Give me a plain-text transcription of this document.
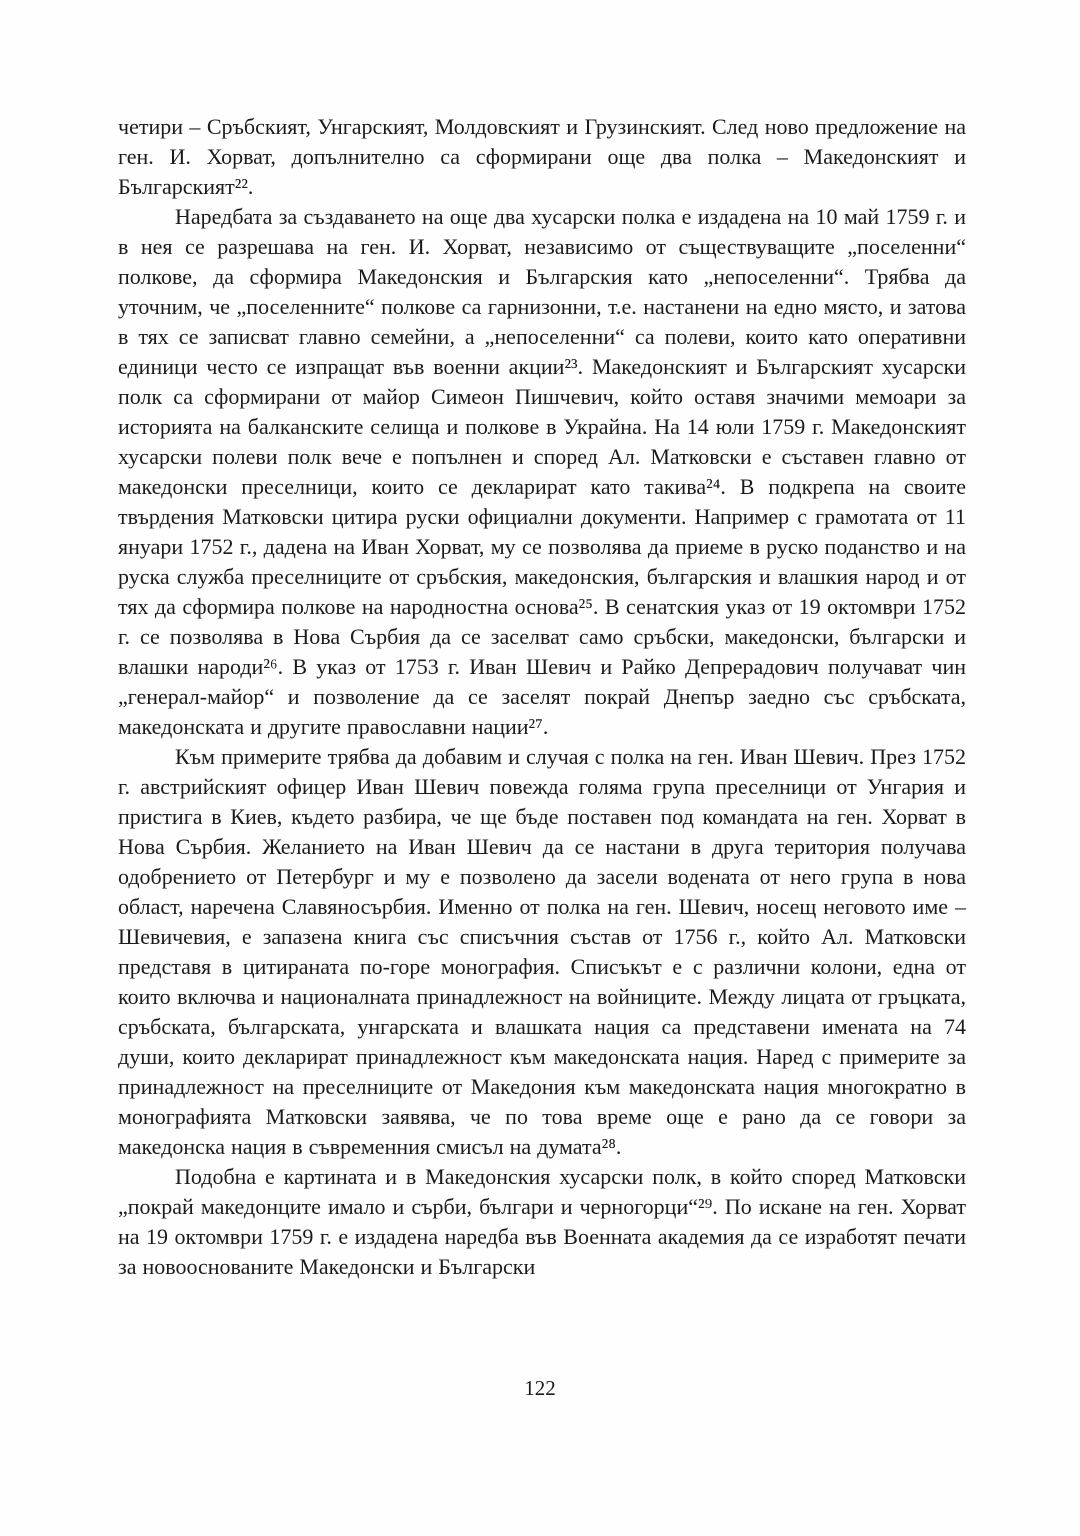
четири – Сръбският, Унгарският, Молдовският и Грузинският. След ново предложение на ген. И. Хорват, допълнително са сформирани още два полка – Македонският и Българският²².

Наредбата за създаването на още два хусарски полка е издадена на 10 май 1759 г. и в нея се разрешава на ген. И. Хорват, независимо от съществуващите „поселенни“ полкове, да сформира Македонския и Българския като „непоселенни“. Трябва да уточним, че „поселенните“ полкове са гарнизонни, т.е. настанени на едно място, и затова в тях се записват главно семейни, а „непоселенни“ са полеви, които като оперативни единици често се изпращат във военни акции²³. Македонският и Българският хусарски полк са сформирани от майор Симеон Пишчевич, който оставя значими мемоари за историята на балканските селища и полкове в Украйна. На 14 юли 1759 г. Македонският хусарски полеви полк вече е попълнен и според Ал. Матковски е съставен главно от македонски преселници, които се декларират като такива²⁴. В подкрепа на своите твърдения Матковски цитира руски официални документи. Например с грамотата от 11 януари 1752 г., дадена на Иван Хорват, му се позволява да приеме в руско поданство и на руска служба преселниците от сръбския, македонския, българския и влашкия народ и от тях да сформира полкове на народностна основа²⁵. В сенатския указ от 19 октомври 1752 г. се позволява в Нова Сърбия да се заселват само сръбски, македонски, български и влашки народи²⁶. В указ от 1753 г. Иван Шевич и Райко Депрерадович получават чин „генерал-майор“ и позволение да се заселят покрай Днепър заедно със сръбската, македонската и другите православни нации²⁷.

Към примерите трябва да добавим и случая с полка на ген. Иван Шевич. През 1752 г. австрийският офицер Иван Шевич повежда голяма група преселници от Унгария и пристига в Киев, където разбира, че ще бъде поставен под командата на ген. Хорват в Нова Сърбия. Желанието на Иван Шевич да се настани в друга територия получава одобрението от Петербург и му е позволено да засели водената от него група в нова област, наречена Славяносърбия. Именно от полка на ген. Шевич, носещ неговото име – Шевичевия, е запазена книга със списъчния състав от 1756 г., който Ал. Матковски представя в цитираната по-горе монография. Списъкът е с различни колони, една от които включва и националната принадлежност на войниците. Между лицата от гръцката, сръбската, българската, унгарската и влашката нация са представени имената на 74 души, които декларират принадлежност към македонската нация. Наред с примерите за принадлежност на преселниците от Македония към македонската нация многократно в монографията Матковски заявява, че по това време още е рано да се говори за македонска нация в съвременния смисъл на думата²⁸.

Подобна е картината и в Македонския хусарски полк, в който според Матковски „покрай македонците имало и сърби, българи и черногорци“²⁹. По искане на ген. Хорват на 19 октомври 1759 г. е издадена наредба във Военната академия да се изработят печати за новооснованите Македонски и Български

122
